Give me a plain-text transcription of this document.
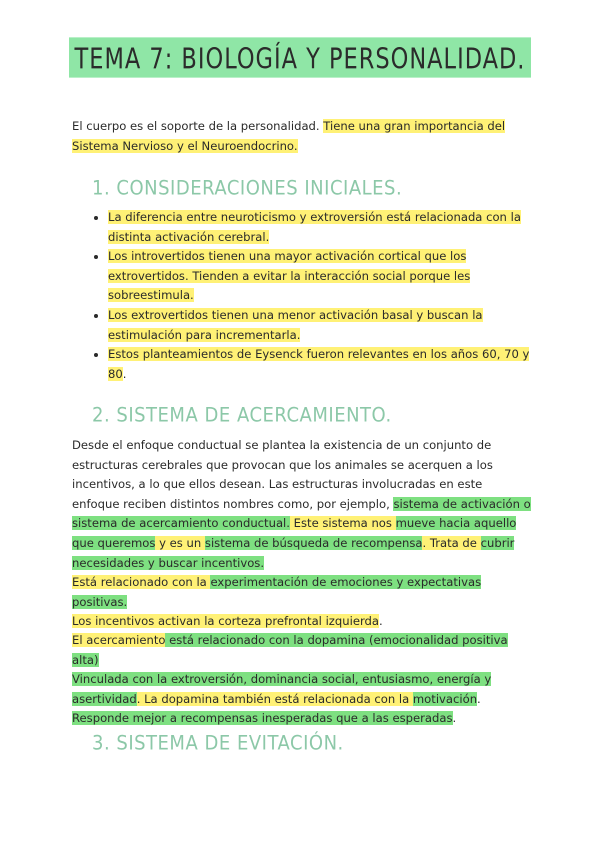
TEMA 7: BIOLOGÍA Y PERSONALIDAD.

El cuerpo es el soporte de la personalidad. Tiene una gran importancia del Sistema Nervioso y el Neuroendocrino.

1. CONSIDERACIONES INICIALES.
• La diferencia entre neuroticismo y extroversión está relacionada con la distinta activación cerebral.
• Los introvertidos tienen una mayor activación cortical que los extrovertidos. Tienden a evitar la interacción social porque les sobreestimula.
• Los extrovertidos tienen una menor activación basal y buscan la estimulación para incrementarla.
• Estos planteamientos de Eysenck fueron relevantes en los años 60, 70 y 80.
2. SISTEMA DE ACERCAMIENTO.

Desde el enfoque conductual se plantea la existencia de un conjunto de estructuras cerebrales que provocan que los animales se acerquen a los incentivos, a lo que ellos desean. Las estructuras involucradas en este enfoque reciben distintos nombres como, por ejemplo, sistema de activación o sistema de acercamiento conductual. Este sistema nos mueve hacia aquello que queremos y es un sistema de búsqueda de recompensa. Trata de cubrir necesidades y buscar incentivos.
Está relacionado con la experimentación de emociones y expectativas positivas.
Los incentivos activan la corteza prefrontal izquierda.

El acercamiento está relacionado con la dopamina (emocionalidad positiva alta)
Vinculada con la extroversión, dominancia social, entusiasmo, energía y asertividad. La dopamina también está relacionada con la motivación.
Responde mejor a recompensas inesperadas que a las esperadas.

3. SISTEMA DE EVITACIÓN.
